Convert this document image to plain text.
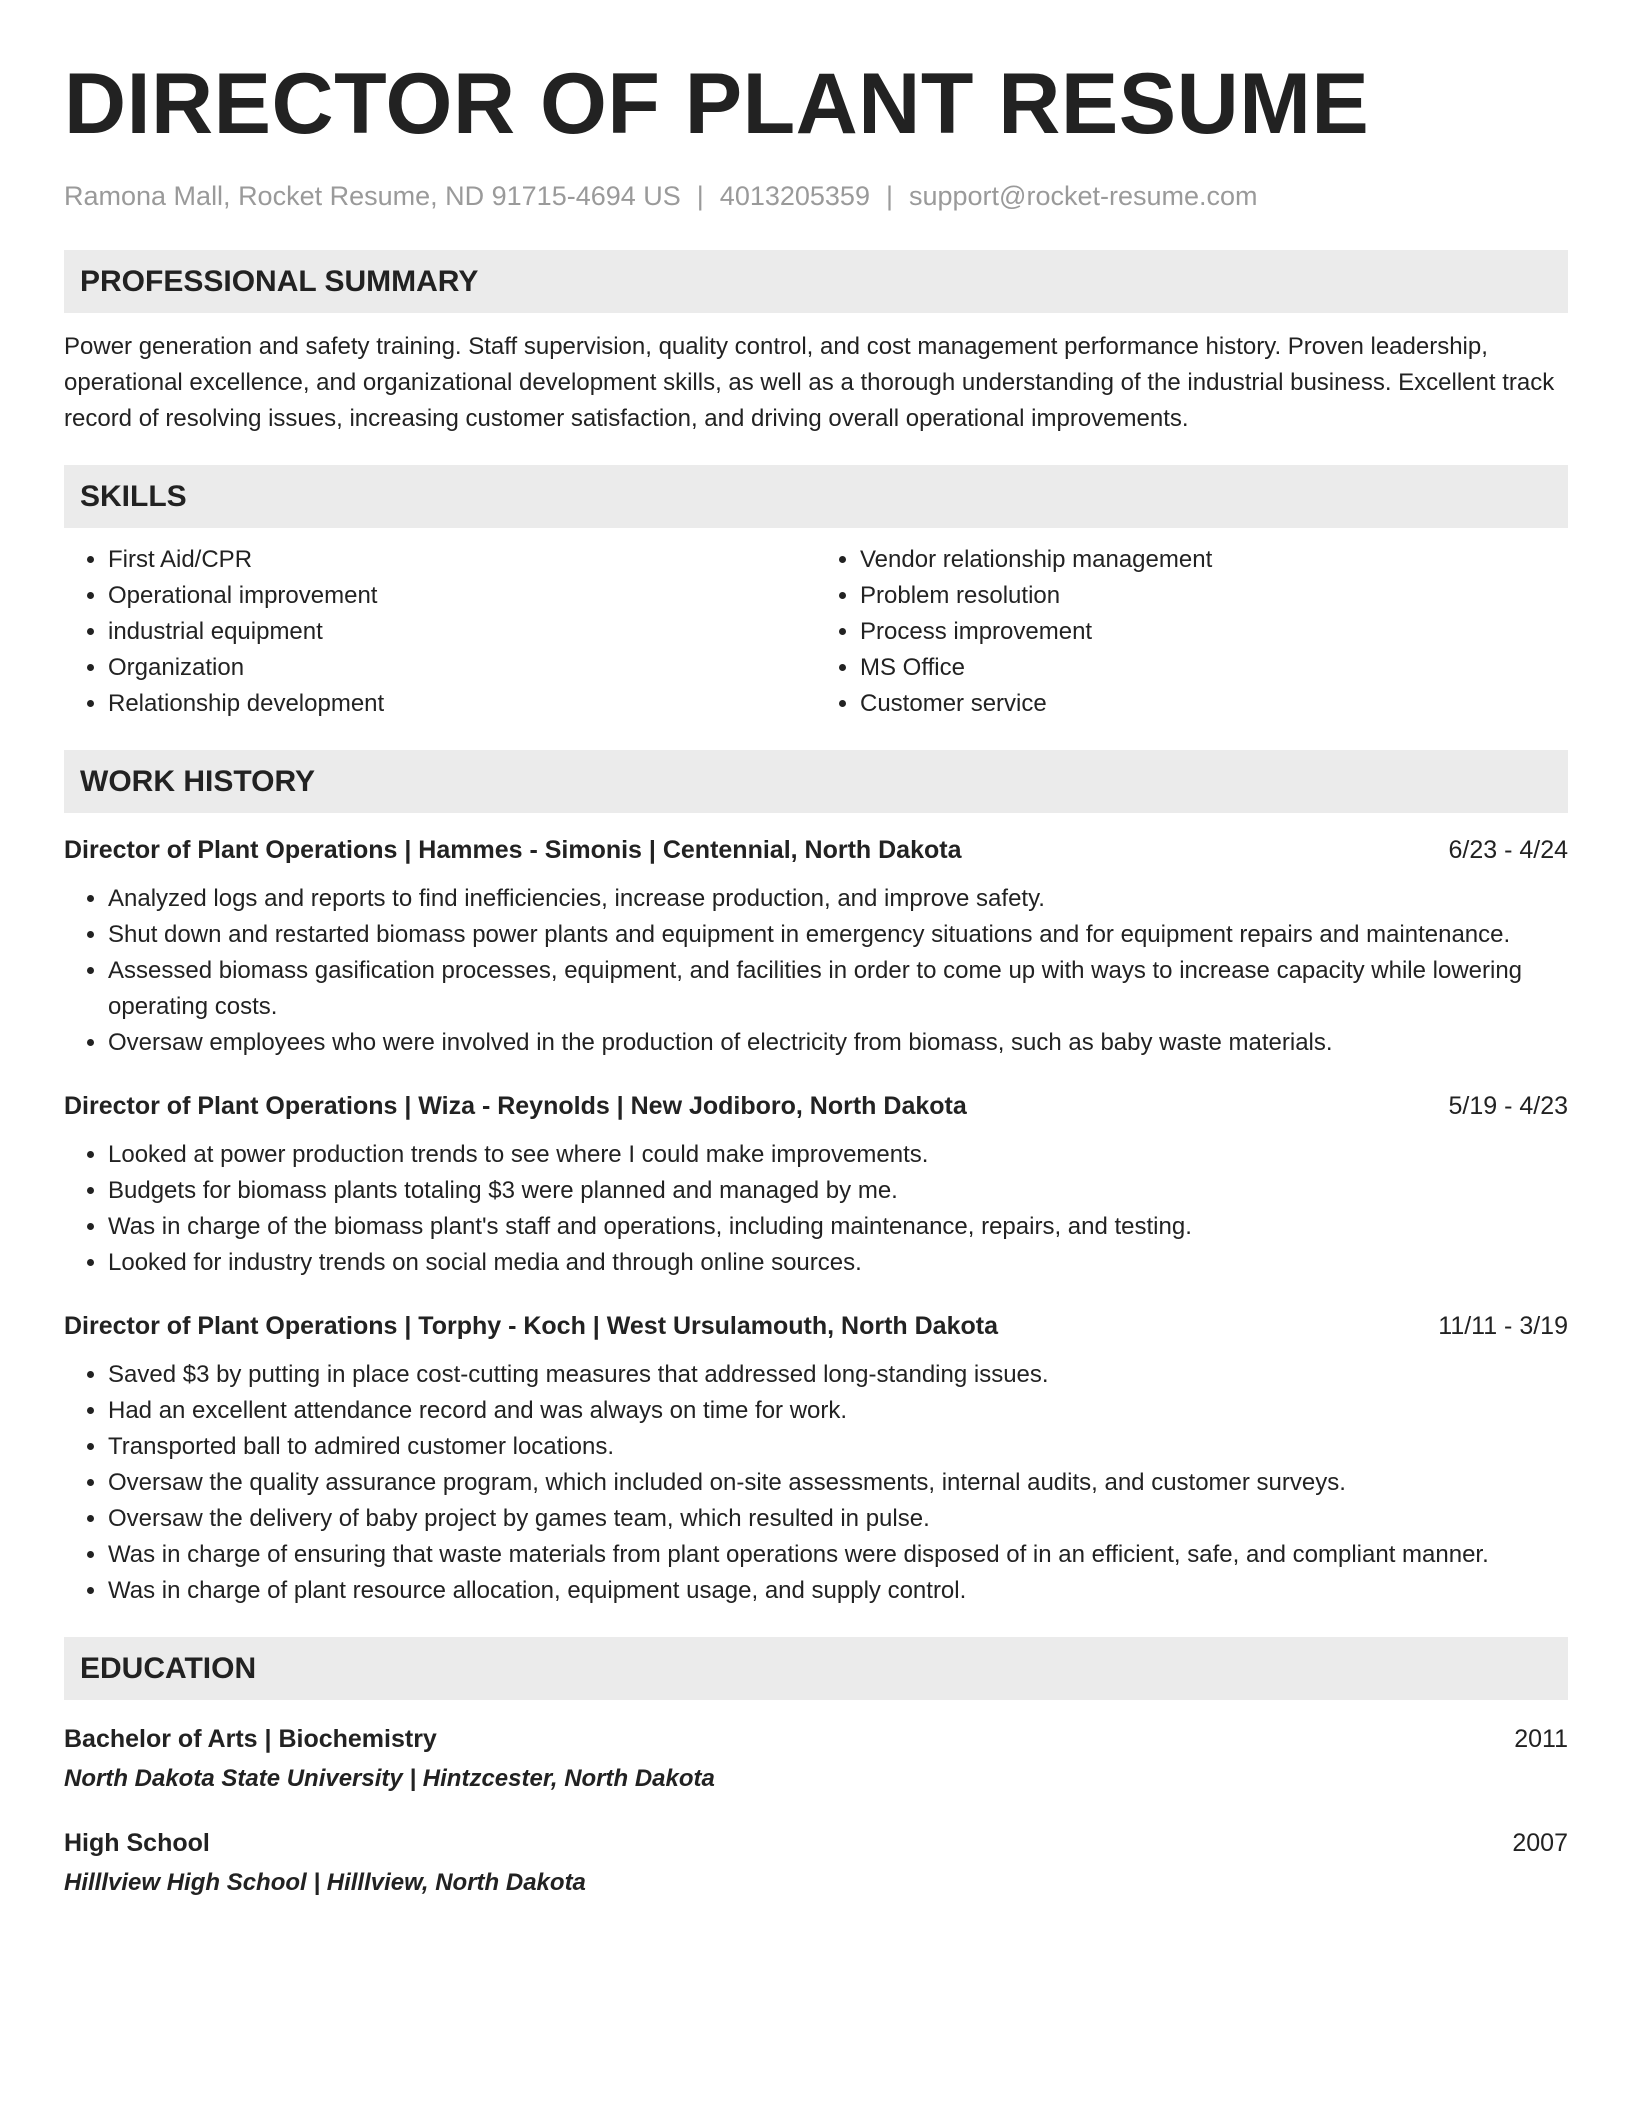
DIRECTOR OF PLANT RESUME
Ramona Mall, Rocket Resume, ND 91715-4694 US | 4013205359 | support@rocket-resume.com
PROFESSIONAL SUMMARY

Power generation and safety training. Staff supervision, quality control, and cost management performance history. Proven leadership, operational excellence, and organizational development skills, as well as a thorough understanding of the industrial business. Excellent track record of resolving issues, increasing customer satisfaction, and driving overall operational improvements.

SKILLS
• First Aid/CPR
• Operational improvement
• industrial equipment
• Organization
• Relationship development
• Vendor relationship management
• Problem resolution
• Process improvement
• MS Office
• Customer service
WORK HISTORY
Director of Plant Operations | Hammes - Simonis | Centennial, North Dakota	6/23 - 4/24
• Analyzed logs and reports to find inefficiencies, increase production, and improve safety.
• Shut down and restarted biomass power plants and equipment in emergency situations and for equipment repairs and maintenance.
• Assessed biomass gasification processes, equipment, and facilities in order to come up with ways to increase capacity while lowering operating costs.
• Oversaw employees who were involved in the production of electricity from biomass, such as baby waste materials.
Director of Plant Operations | Wiza - Reynolds | New Jodiboro, North Dakota	5/19 - 4/23
• Looked at power production trends to see where I could make improvements.
• Budgets for biomass plants totaling $3 were planned and managed by me.
• Was in charge of the biomass plant's staff and operations, including maintenance, repairs, and testing.
• Looked for industry trends on social media and through online sources.
Director of Plant Operations | Torphy - Koch | West Ursulamouth, North Dakota	11/11 - 3/19
• Saved $3 by putting in place cost-cutting measures that addressed long-standing issues.
• Had an excellent attendance record and was always on time for work.
• Transported ball to admired customer locations.
• Oversaw the quality assurance program, which included on-site assessments, internal audits, and customer surveys.
• Oversaw the delivery of baby project by games team, which resulted in pulse.
• Was in charge of ensuring that waste materials from plant operations were disposed of in an efficient, safe, and compliant manner.
• Was in charge of plant resource allocation, equipment usage, and supply control.
EDUCATION
Bachelor of Arts | Biochemistry	2011
North Dakota State University | Hintzcester, North Dakota
High School	2007
Hilllview High School | Hilllview, North Dakota
